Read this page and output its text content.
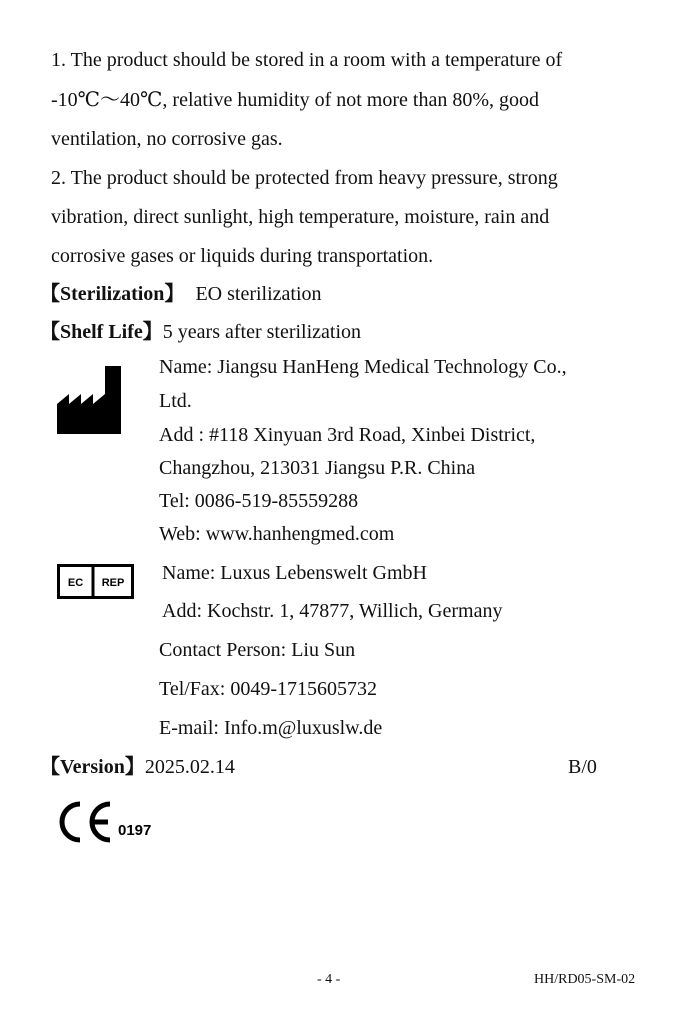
1. The product should be stored in a room with a temperature of
-10℃～40℃, relative humidity of not more than 80%, good
ventilation, no corrosive gas.
2. The product should be protected from heavy pressure, strong
vibration, direct sunlight, high temperature, moisture, rain and
corrosive gases or liquids during transportation.
【Sterilization】 EO sterilization
【Shelf Life】5 years after sterilization
Name: Jiangsu HanHeng Medical Technology Co.,
Ltd.
Add : #118 Xinyuan 3rd Road, Xinbei District,
Changzhou, 213031 Jiangsu P.R. China
Tel: 0086-519-85559288
Web: www.hanhengmed.com
EC REP Name: Luxus Lebenswelt GmbH
Add: Kochstr. 1, 47877, Willich, Germany
Contact Person: Liu Sun
Tel/Fax: 0049-1715605732
E-mail: Info.m@luxuslw.de
【Version】2025.02.14	B/0
0197
- 4 -	HH/RD05-SM-02
